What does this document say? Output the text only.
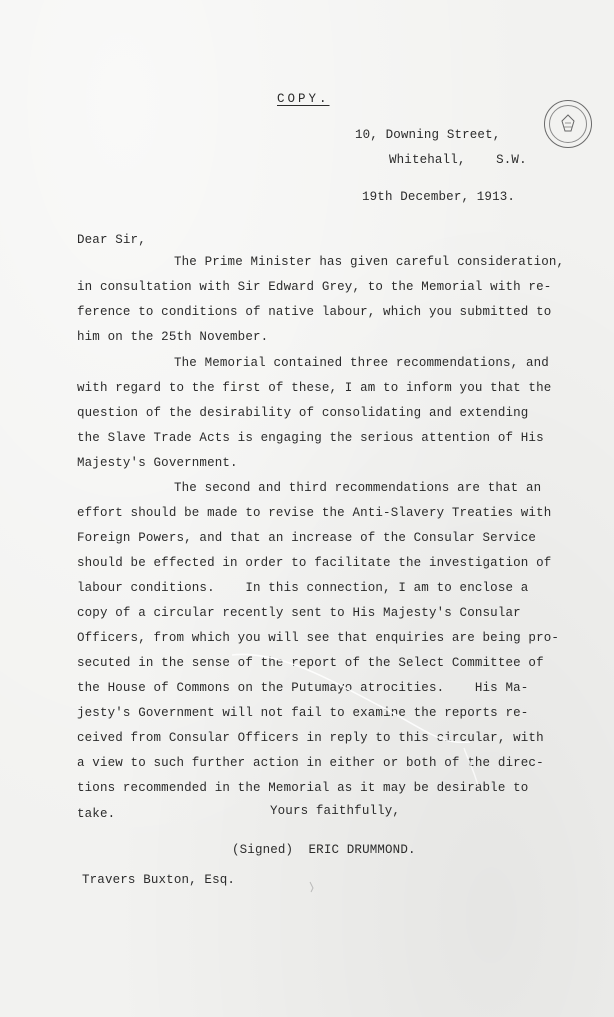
COPY.
10, Downing Street,
Whitehall,    S.W.
19th December, 1913.
Dear Sir,
The Prime Minister has given careful consideration,
in consultation with Sir Edward Grey, to the Memorial with re-
ference to conditions of native labour, which you submitted to
him on the 25th November.
The Memorial contained three recommendations, and
with regard to the first of these, I am to inform you that the
question of the desirability of consolidating and extending
the Slave Trade Acts is engaging the serious attention of His
Majesty's Government.
The second and third recommendations are that an
effort should be made to revise the Anti-Slavery Treaties with
Foreign Powers, and that an increase of the Consular Service
should be effected in order to facilitate the investigation of
labour conditions.    In this connection, I am to enclose a
copy of a circular recently sent to His Majesty's Consular
Officers, from which you will see that enquiries are being pro-
secuted in the sense of the report of the Select Committee of
the House of Commons on the Putumayo atrocities.    His Ma-
jesty's Government will not fail to examine the reports re-
ceived from Consular Officers in reply to this circular, with
a view to such further action in either or both of the direc-
tions recommended in the Memorial as it may be desirable to
take.	Yours faithfully,
(Signed)  ERIC DRUMMOND.
Travers Buxton, Esq.
